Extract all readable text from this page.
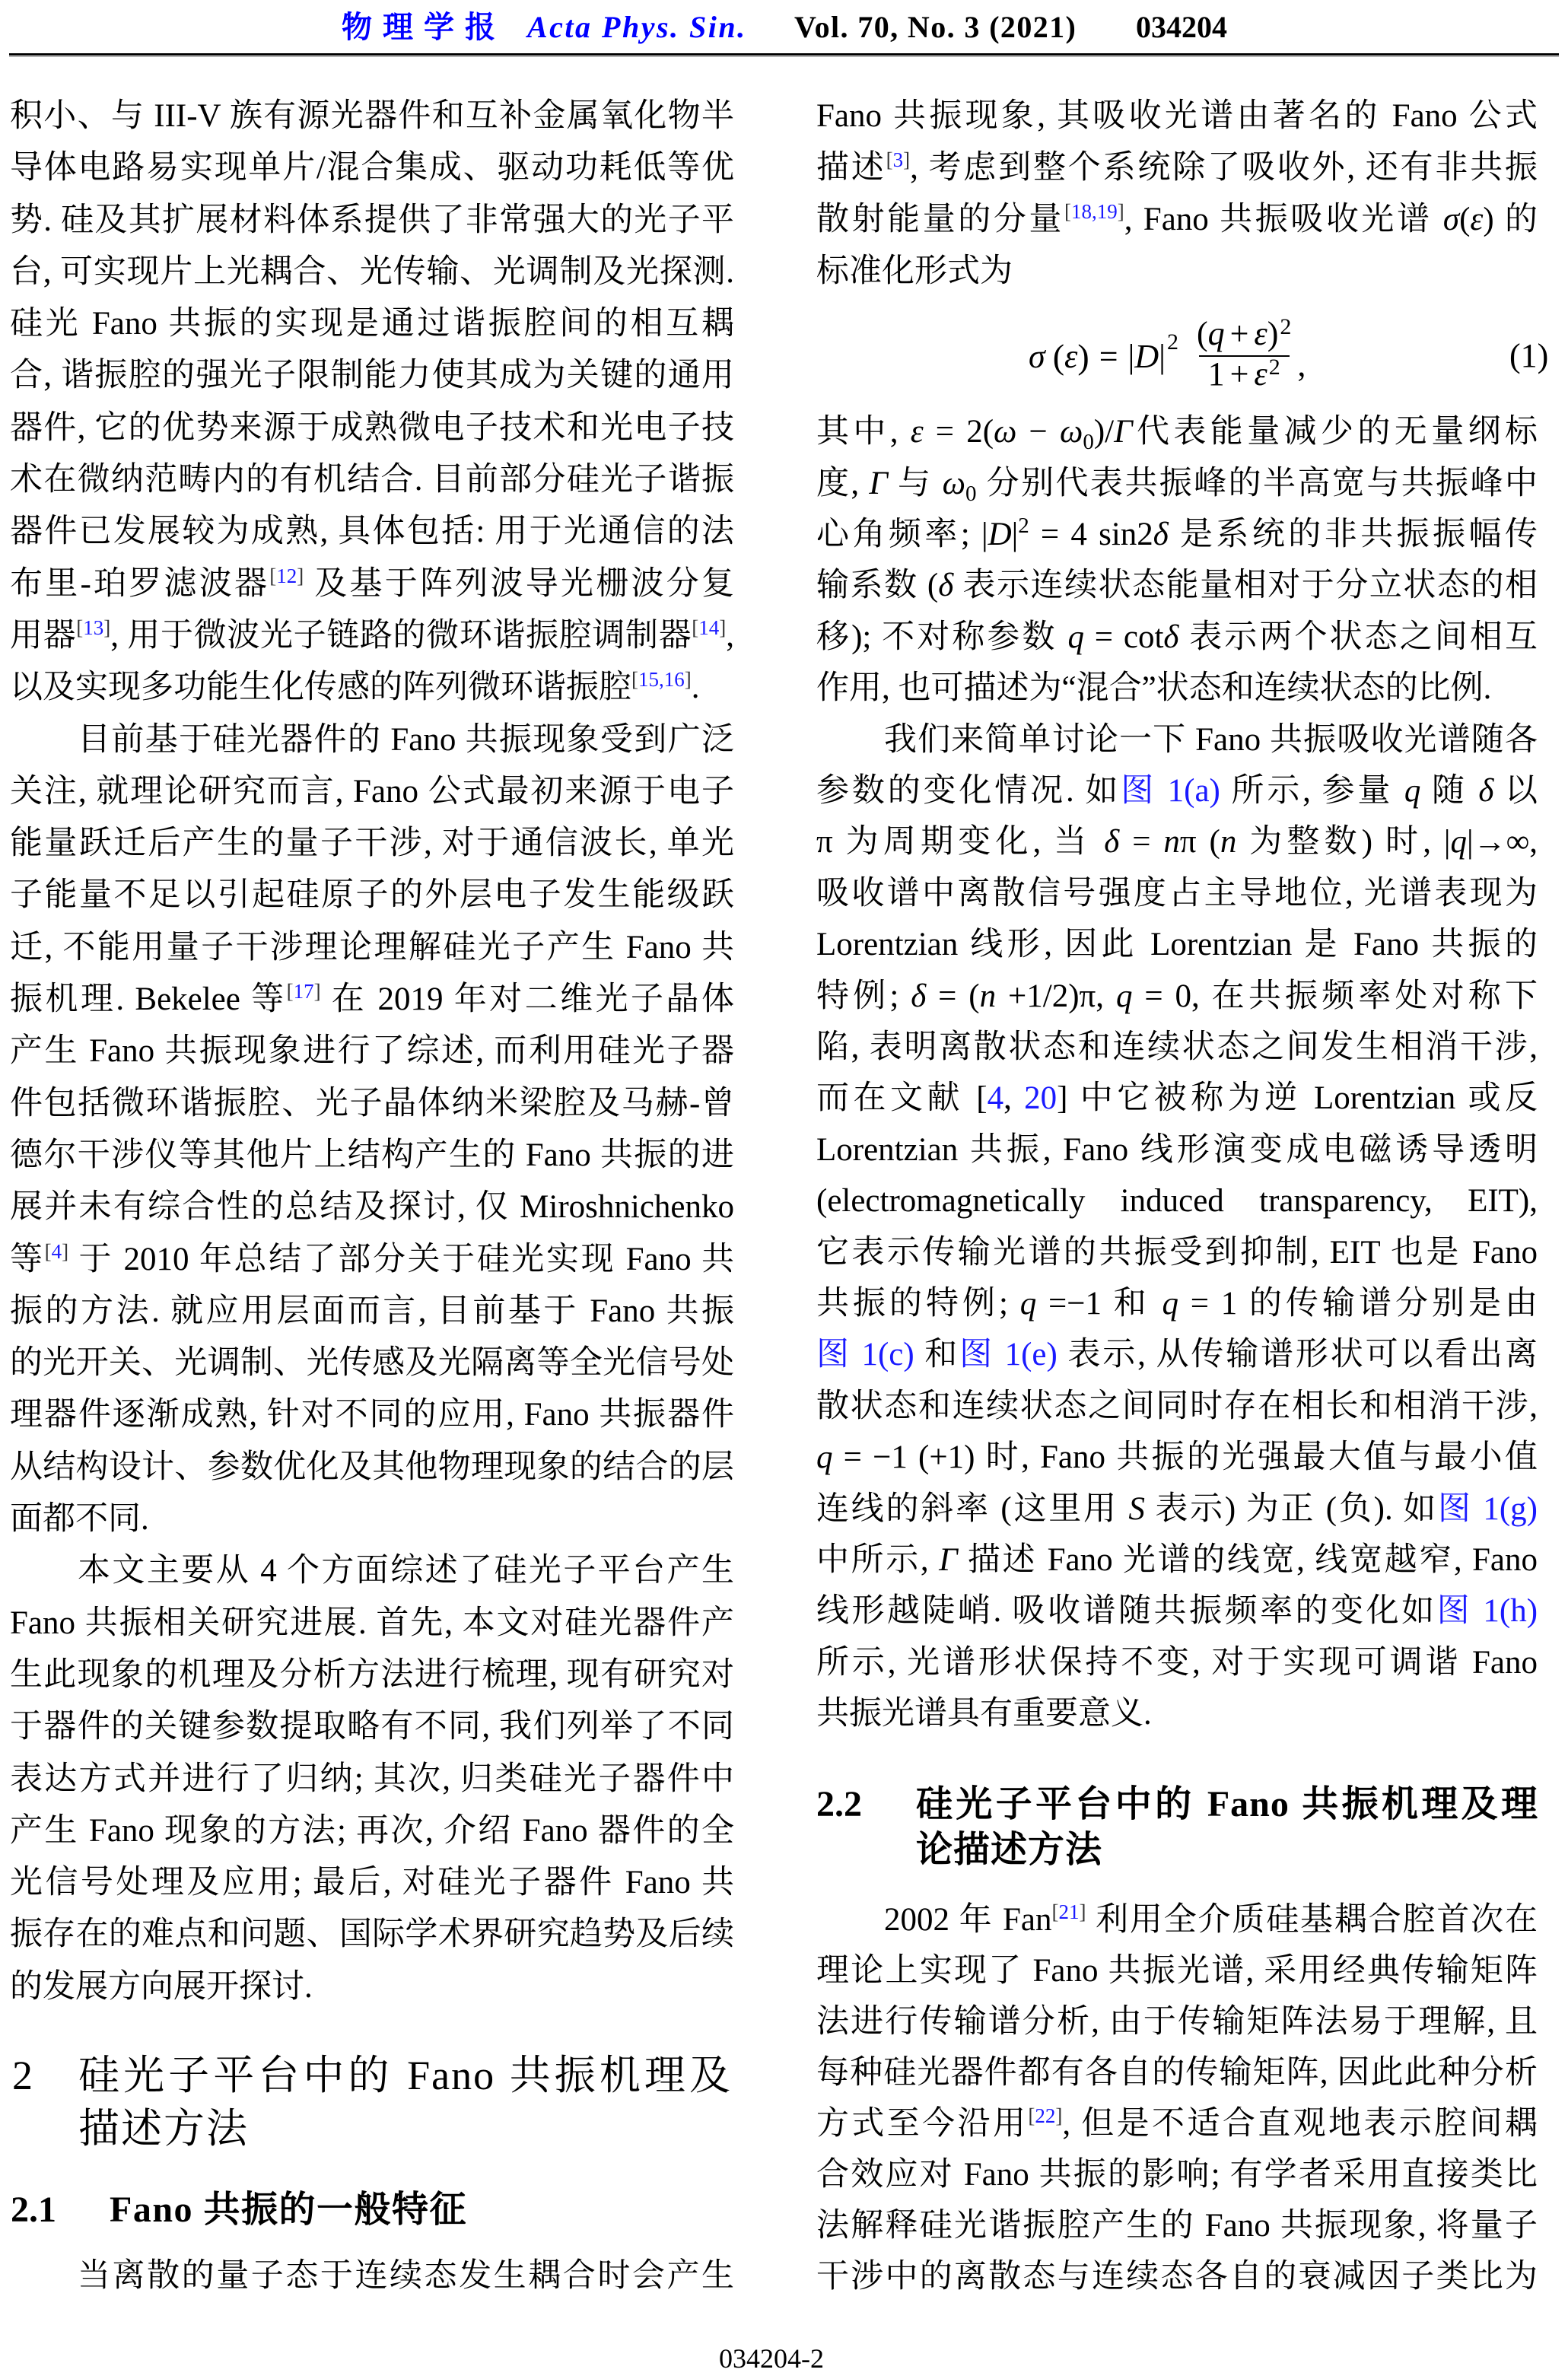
物 理 学 报 Acta Phys. Sin. Vol. 70, No. 3 (2021) 034204
积小、与 III-V 族有源光器件和互补金属氧化物半
导体电路易实现单片/混合集成、驱动功耗低等优
势. 硅及其扩展材料体系提供了非常强大的光子平
台, 可实现片上光耦合、光传输、光调制及光探测.
硅光 Fano 共振的实现是通过谐振腔间的相互耦
合, 谐振腔的强光子限制能力使其成为关键的通用
器件, 它的优势来源于成熟微电子技术和光电子技
术在微纳范畴内的有机结合. 目前部分硅光子谐振
器件已发展较为成熟, 具体包括: 用于光通信的法
布里-珀罗滤波器[12] 及基于阵列波导光栅波分复
用器[13], 用于微波光子链路的微环谐振腔调制器[14],
以及实现多功能生化传感的阵列微环谐振腔[15,16].
目前基于硅光器件的 Fano 共振现象受到广泛
关注, 就理论研究而言, Fano 公式最初来源于电子
能量跃迁后产生的量子干涉, 对于通信波长, 单光
子能量不足以引起硅原子的外层电子发生能级跃
迁, 不能用量子干涉理论理解硅光子产生 Fano 共
振机理. Bekelee 等[17] 在 2019 年对二维光子晶体
产生 Fano 共振现象进行了综述, 而利用硅光子器
件包括微环谐振腔、光子晶体纳米梁腔及马赫-曾
德尔干涉仪等其他片上结构产生的 Fano 共振的进
展并未有综合性的总结及探讨, 仅 Miroshnichenko
等[4] 于 2010 年总结了部分关于硅光实现 Fano 共
振的方法. 就应用层面而言, 目前基于 Fano 共振
的光开关、光调制、光传感及光隔离等全光信号处
理器件逐渐成熟, 针对不同的应用, Fano 共振器件
从结构设计、参数优化及其他物理现象的结合的层
面都不同.
本文主要从 4 个方面综述了硅光子平台产生
Fano 共振相关研究进展. 首先, 本文对硅光器件产
生此现象的机理及分析方法进行梳理, 现有研究对
于器件的关键参数提取略有不同, 我们列举了不同
表达方式并进行了归纳; 其次, 归类硅光子器件中
产生 Fano 现象的方法; 再次, 介绍 Fano 器件的全
光信号处理及应用; 最后, 对硅光子器件 Fano 共
振存在的难点和问题、国际学术界研究趋势及后续
的发展方向展开探讨.
2 硅光子平台中的 Fano 共振机理及
描述方法
2.1 Fano 共振的一般特征
当离散的量子态于连续态发生耦合时会产生
Fano 共振现象, 其吸收光谱由著名的 Fano 公式
描述[3], 考虑到整个系统除了吸收外, 还有非共振
散射能量的分量[18,19], Fano 共振吸收光谱 σ(ε) 的
标准化形式为
σ ( ε ) = | D | $2 \frac{(q + \varepsilon)^2}{1 + \varepsilon^2}$ ,	(1)
其中, $\varepsilon = 2(\omega - \omega_0)/\Gamma$代表能量减少的无量纲标
度, Γ 与 $\omega_0$ 分别代表共振峰的半高宽与共振峰中
心角频率; $|D|^2 = 4$ sin2δ 是系统的非共振振幅传
输系数 (δ 表示连续状态能量相对于分立状态的相
移); 不对称参数 q = cotδ 表示两个状态之间相互
作用, 也可描述为“混合”状态和连续状态的比例.
我们来简单讨论一下 Fano 共振吸收光谱随各
参数的变化情况. 如图 1(a) 所示, 参量 q 随 δ 以
π 为周期变化, 当 δ = nπ (n 为整数) 时, |q|→∞,
吸收谱中离散信号强度占主导地位, 光谱表现为
Lorentzian 线形, 因此 Lorentzian 是 Fano 共振的
特例; δ = (n +1/2)π, q = 0, 在共振频率处对称下
陷, 表明离散状态和连续状态之间发生相消干涉,
而在文献 [4, 20] 中它被称为逆 Lorentzian 或反
Lorentzian 共振, Fano 线形演变成电磁诱导透明
(electromagnetically induced transparency, EIT),
它表示传输光谱的共振受到抑制, EIT 也是 Fano
共振的特例; q =−1 和 q = 1 的传输谱分别是由
图 1(c) 和图 1(e) 表示, 从传输谱形状可以看出离
散状态和连续状态之间同时存在相长和相消干涉,
q = −1 (+1) 时, Fano 共振的光强最大值与最小值
连线的斜率 (这里用 S 表示) 为正 (负). 如图 1(g)
中所示, Γ 描述 Fano 光谱的线宽, 线宽越窄, Fano
线形越陡峭. 吸收谱随共振频率的变化如图 1(h)
所示, 光谱形状保持不变, 对于实现可调谐 Fano
共振光谱具有重要意义.
2.2 硅光子平台中的 Fano 共振机理及理
论描述方法
2002 年 Fan[21] 利用全介质硅基耦合腔首次在
理论上实现了 Fano 共振光谱, 采用经典传输矩阵
法进行传输谱分析, 由于传输矩阵法易于理解, 且
每种硅光器件都有各自的传输矩阵, 因此此种分析
方式至今沿用[22], 但是不适合直观地表示腔间耦
合效应对 Fano 共振的影响; 有学者采用直接类比
法解释硅光谐振腔产生的 Fano 共振现象, 将量子
干涉中的离散态与连续态各自的衰减因子类比为
034204-2
